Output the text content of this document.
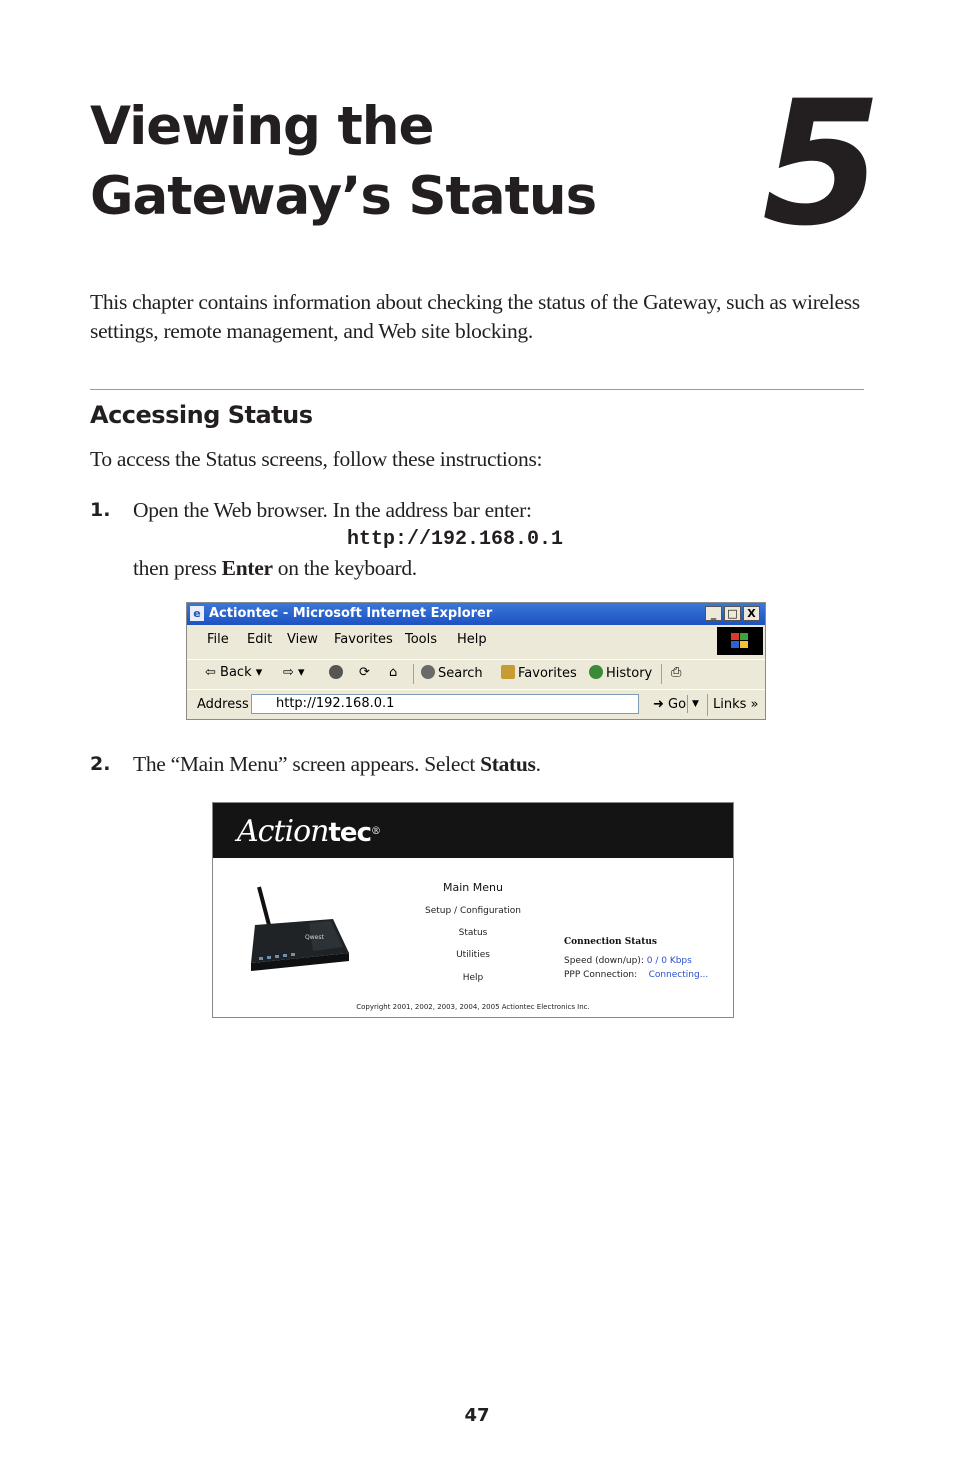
Viewing the
Gateway’s Status 5

This chapter contains information about checking the status of the Gateway, such as wireless settings, remote management, and Web site blocking.

Accessing Status

To access the Status screens, follow these instructions:

1. Open the Web browser. In the address bar enter:

http://192.168.0.1

then press Enter on the keyboard.

e Actiontec - Microsoft Internet Explorer	_	□ X
File Edit View Favorites Tools Help
⇦ Back ▾ ⇨ ▾	⟳ ⌂	Search	Favorites	History ⎙
Address	http://192.168.0.1	▼
➜ Go Links »
2. The “Main Menu” screen appears. Select Status.

Actiontec®
Qwest
Main Menu
Setup / Configuration
Status
Utilities
Help
Connection Status
Speed (down/up): 0 / 0 Kbps
PPP Connection: Connecting...
Copyright 2001, 2002, 2003, 2004, 2005 Actiontec Electronics Inc.
47
